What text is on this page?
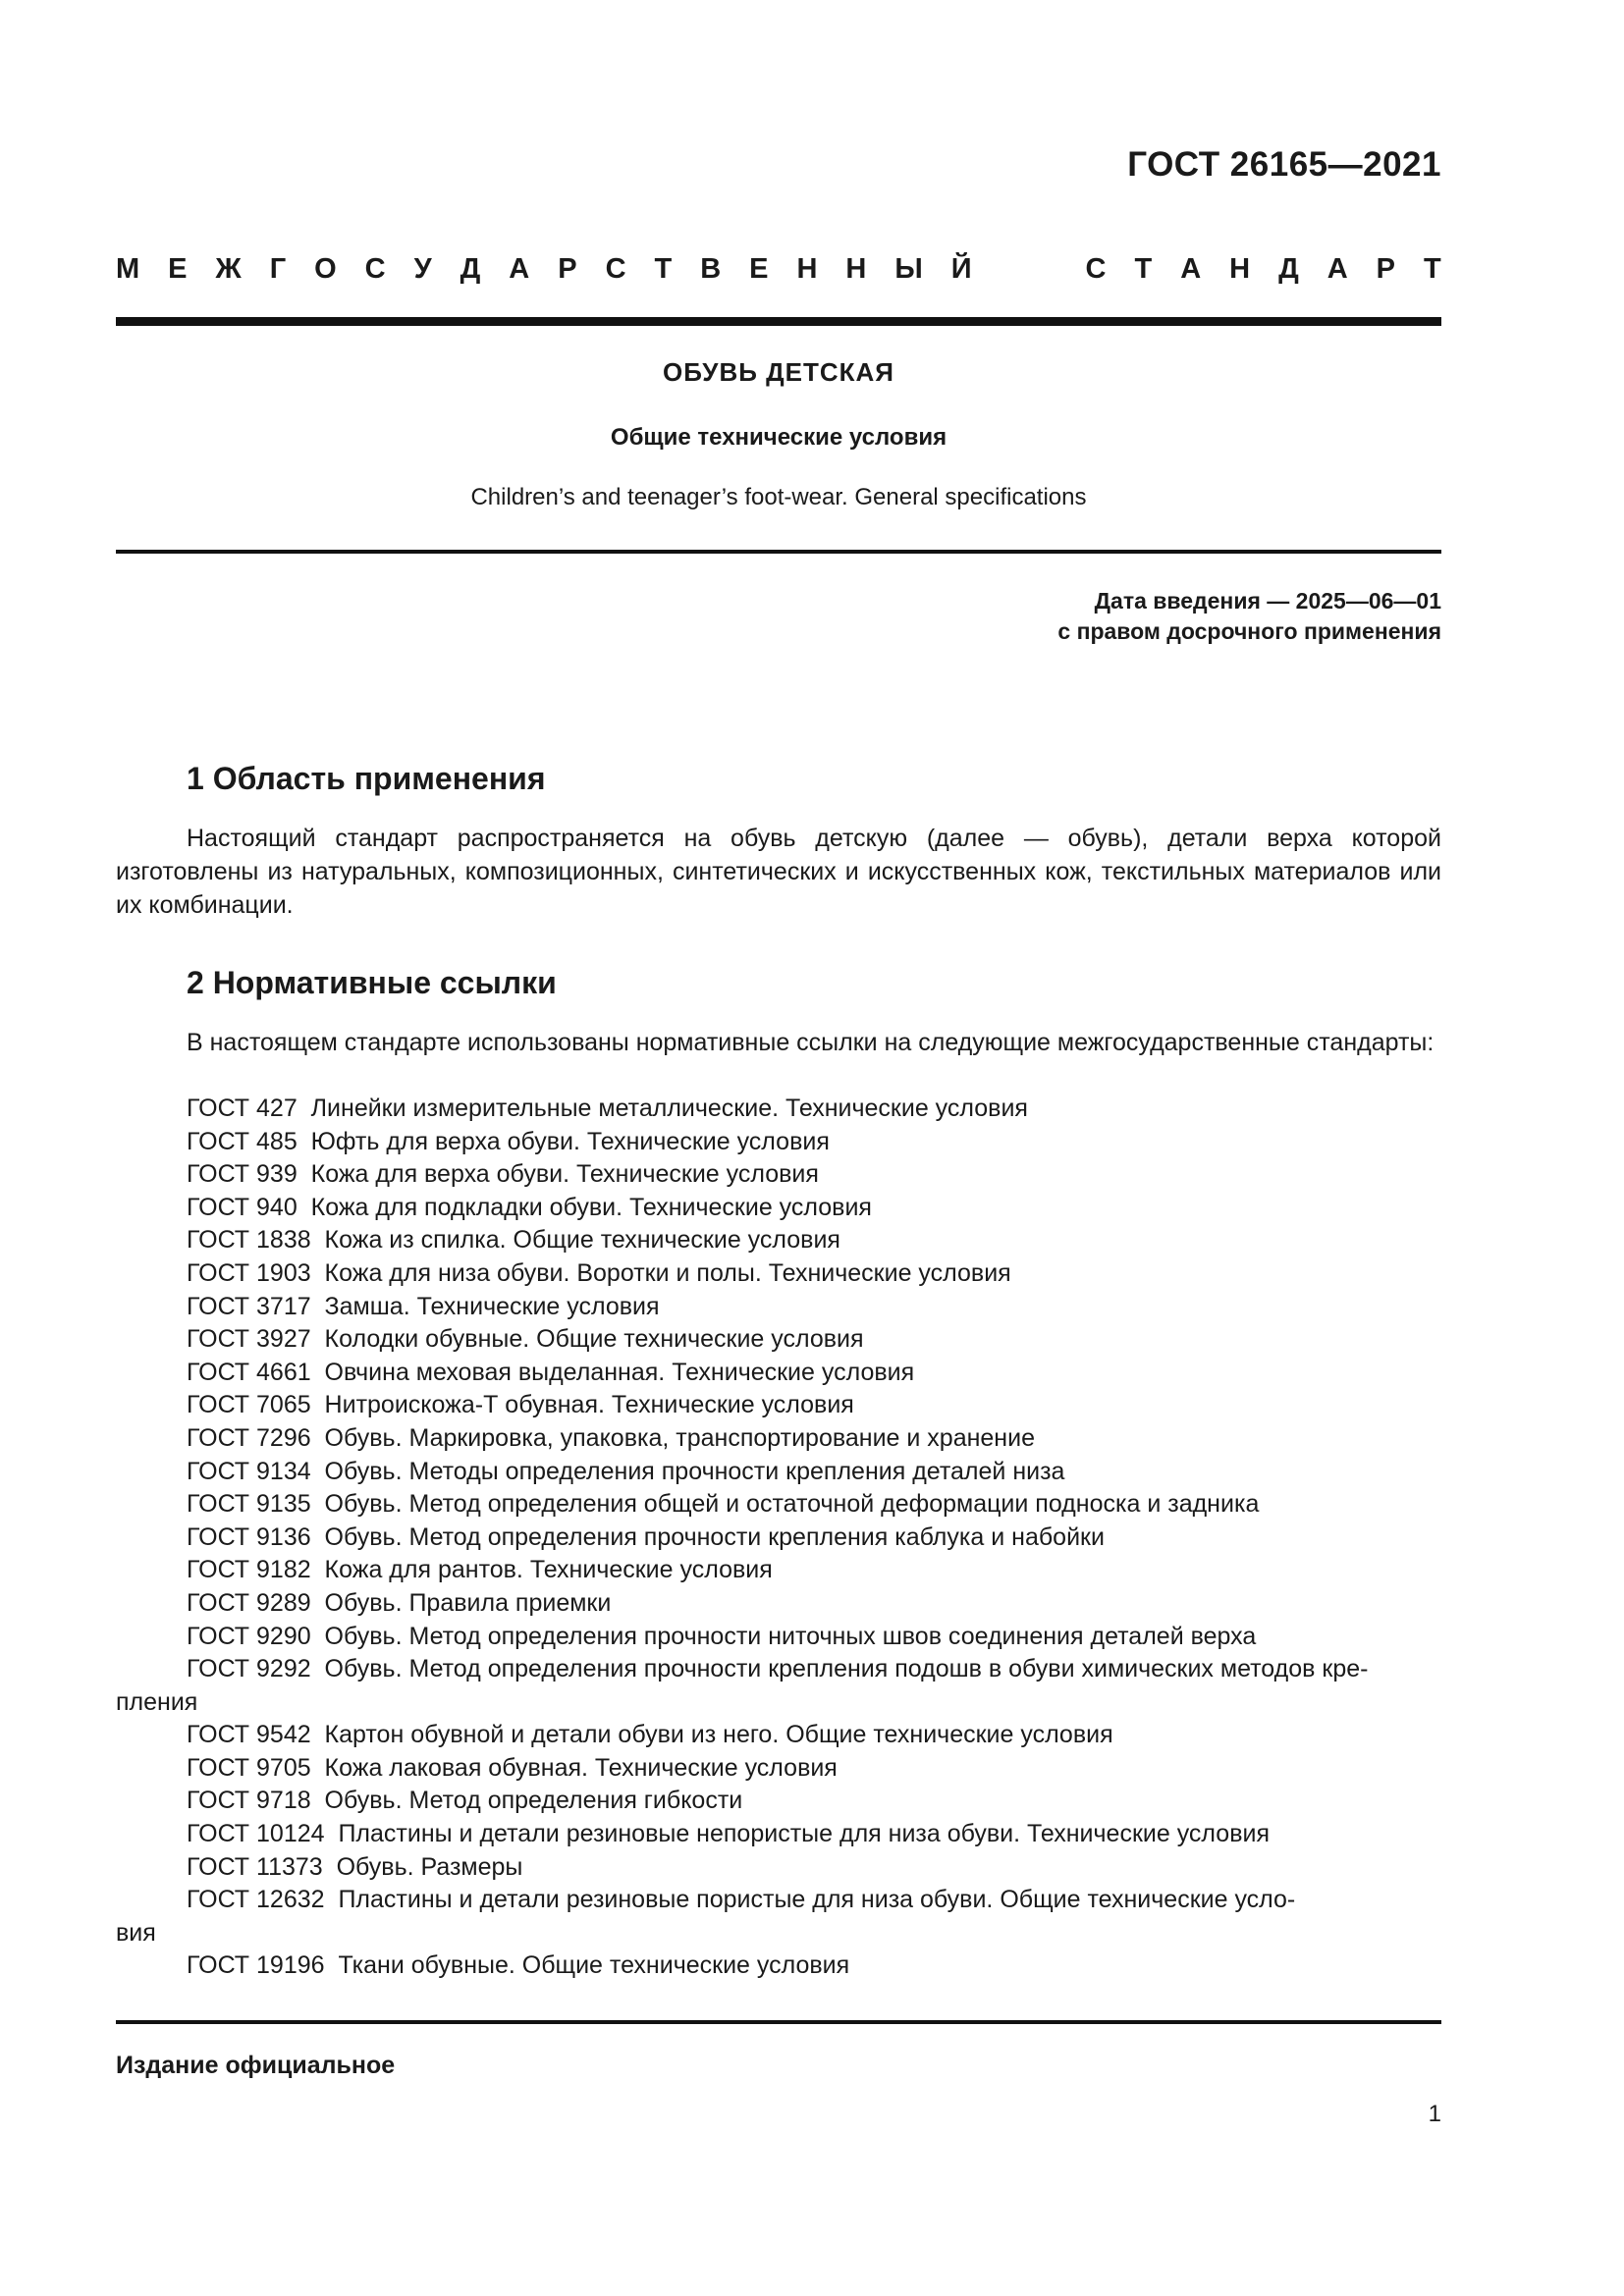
ГОСТ 26165—2021
М Е Ж Г О С У Д А Р С Т В Е Н Н Ы Й	С Т А Н Д А Р Т
ОБУВЬ ДЕТСКАЯ
Общие технические условия
Children’s and teenager’s foot-wear. General specifications
Дата введения — 2025—06—01
с правом досрочного применения
1 Область применения
Настоящий стандарт распространяется на обувь детскую (далее — обувь), детали верха которой изготовлены из натуральных, композиционных, синтетических и искусственных кож, текстильных материалов или их комбинации.
2 Нормативные ссылки
В настоящем стандарте использованы нормативные ссылки на следующие межгосударственные стандарты:
ГОСТ 427 Линейки измерительные металлические. Технические условия
ГОСТ 485 Юфть для верха обуви. Технические условия
ГОСТ 939 Кожа для верха обуви. Технические условия
ГОСТ 940 Кожа для подкладки обуви. Технические условия
ГОСТ 1838 Кожа из спилка. Общие технические условия
ГОСТ 1903 Кожа для низа обуви. Воротки и полы. Технические условия
ГОСТ 3717 Замша. Технические условия
ГОСТ 3927 Колодки обувные. Общие технические условия
ГОСТ 4661 Овчина меховая выделанная. Технические условия
ГОСТ 7065 Нитроискожа-Т обувная. Технические условия
ГОСТ 7296 Обувь. Маркировка, упаковка, транспортирование и хранение
ГОСТ 9134 Обувь. Методы определения прочности крепления деталей низа
ГОСТ 9135 Обувь. Метод определения общей и остаточной деформации подноска и задника
ГОСТ 9136 Обувь. Метод определения прочности крепления каблука и набойки
ГОСТ 9182 Кожа для рантов. Технические условия
ГОСТ 9289 Обувь. Правила приемки
ГОСТ 9290 Обувь. Метод определения прочности ниточных швов соединения деталей верха
ГОСТ 9292 Обувь. Метод определения прочности крепления подошв в обуви химических методов кре-
пления
ГОСТ 9542 Картон обувной и детали обуви из него. Общие технические условия
ГОСТ 9705 Кожа лаковая обувная. Технические условия
ГОСТ 9718 Обувь. Метод определения гибкости
ГОСТ 10124 Пластины и детали резиновые непористые для низа обуви. Технические условия
ГОСТ 11373 Обувь. Размеры
ГОСТ 12632 Пластины и детали резиновые пористые для низа обуви. Общие технические усло-
вия
ГОСТ 19196 Ткани обувные. Общие технические условия
Издание официальное
1
